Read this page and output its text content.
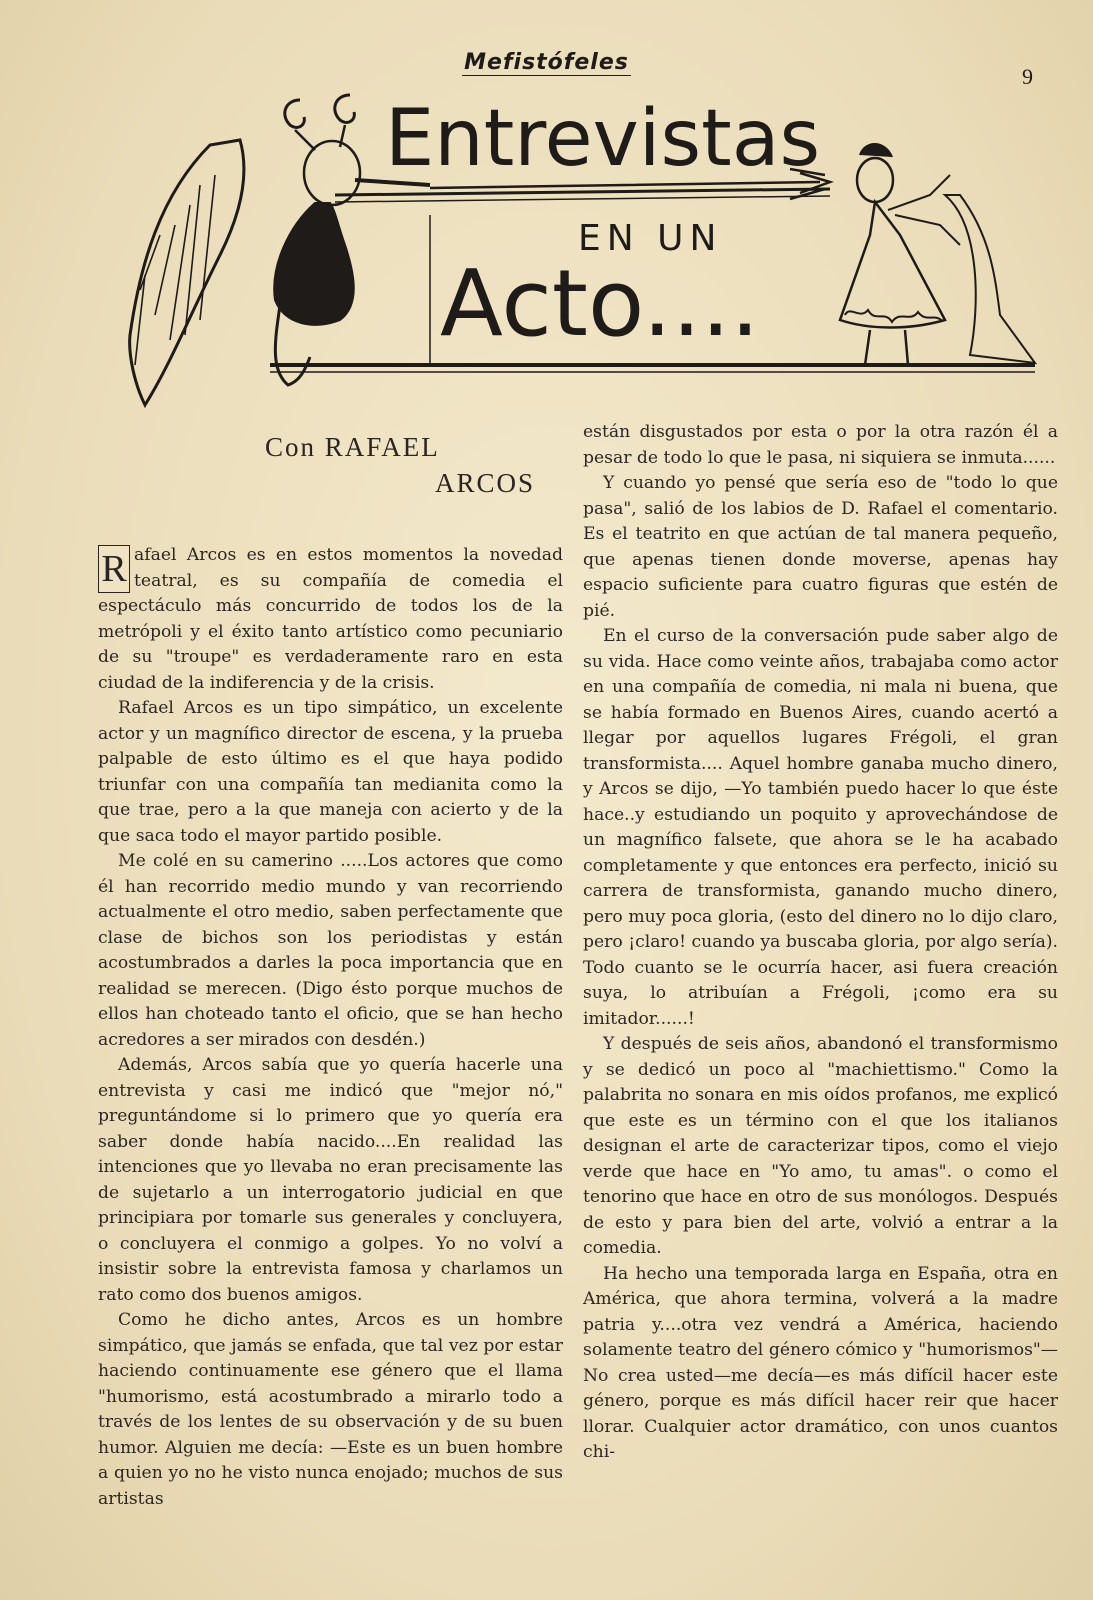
Mefistófeles
9
Entrevistas
EN UN
Acto....
Con RAFAEL
ARCOS

R afael Arcos es en estos momentos la novedad teatral, es su compañía de comedia el espectáculo más concurrido de todos los de la metrópoli y el éxito tanto artístico como pecuniario de su "troupe" es verdaderamente raro en esta ciudad de la indiferencia y de la crisis.

Rafael Arcos es un tipo simpático, un excelente actor y un magnífico director de escena, y la prueba palpable de esto último es el que haya podido triunfar con una compañía tan medianita como la que trae, pero a la que maneja con acierto y de la que saca todo el mayor partido posible.

Me colé en su camerino .....Los actores que como él han recorrido medio mundo y van recorriendo actualmente el otro medio, saben perfectamente que clase de bichos son los periodistas y están acostumbrados a darles la poca importancia que en realidad se merecen. (Digo ésto porque muchos de ellos han choteado tanto el oficio, que se han hecho acredores a ser mirados con desdén.)

Además, Arcos sabía que yo quería hacerle una entrevista y casi me indicó que "mejor nó," preguntándome si lo primero que yo quería era saber donde había nacido....En realidad las intenciones que yo llevaba no eran precisamente las de sujetarlo a un interrogatorio judicial en que principiara por tomarle sus generales y concluyera, o concluyera el conmigo a golpes. Yo no volví a insistir sobre la entrevista famosa y charlamos un rato como dos buenos amigos.

Como he dicho antes, Arcos es un hombre simpático, que jamás se enfada, que tal vez por estar haciendo continuamente ese género que el llama "humorismo, está acostumbrado a mirarlo todo a través de los lentes de su observación y de su buen humor. Alguien me decía: —Este es un buen hombre a quien yo no he visto nunca enojado; muchos de sus artistas

están disgustados por esta o por la otra razón él a pesar de todo lo que le pasa, ni siquiera se inmuta......

Y cuando yo pensé que sería eso de "todo lo que pasa", salió de los labios de D. Rafael el comentario. Es el teatrito en que actúan de tal manera pequeño, que apenas tienen donde moverse, apenas hay espacio suficiente para cuatro figuras que estén de pié.

En el curso de la conversación pude saber algo de su vida. Hace como veinte años, trabajaba como actor en una compañía de comedia, ni mala ni buena, que se había formado en Buenos Aires, cuando acertó a llegar por aquellos lugares Frégoli, el gran transformista.... Aquel hombre ganaba mucho dinero, y Arcos se dijo, —Yo también puedo hacer lo que éste hace..y estudiando un poquito y aprovechándose de un magnífico falsete, que ahora se le ha acabado completamente y que entonces era perfecto, inició su carrera de transformista, ganando mucho dinero, pero muy poca gloria, (esto del dinero no lo dijo claro, pero ¡claro! cuando ya buscaba gloria, por algo sería). Todo cuanto se le ocurría hacer, asi fuera creación suya, lo atribuían a Frégoli, ¡como era su imitador......!

Y después de seis años, abandonó el transformismo y se dedicó un poco al "machiettismo." Como la palabrita no sonara en mis oídos profanos, me explicó que este es un término con el que los italianos designan el arte de caracterizar tipos, como el viejo verde que hace en "Yo amo, tu amas". o como el tenorino que hace en otro de sus monólogos. Después de esto y para bien del arte, volvió a entrar a la comedia.

Ha hecho una temporada larga en España, otra en América, que ahora termina, volverá a la madre patria y....otra vez vendrá a América, haciendo solamente teatro del género cómico y "humorismos"—No crea usted—me decía—es más difícil hacer este género, porque es más difícil hacer reir que hacer llorar. Cualquier actor dramático, con unos cuantos chi-
